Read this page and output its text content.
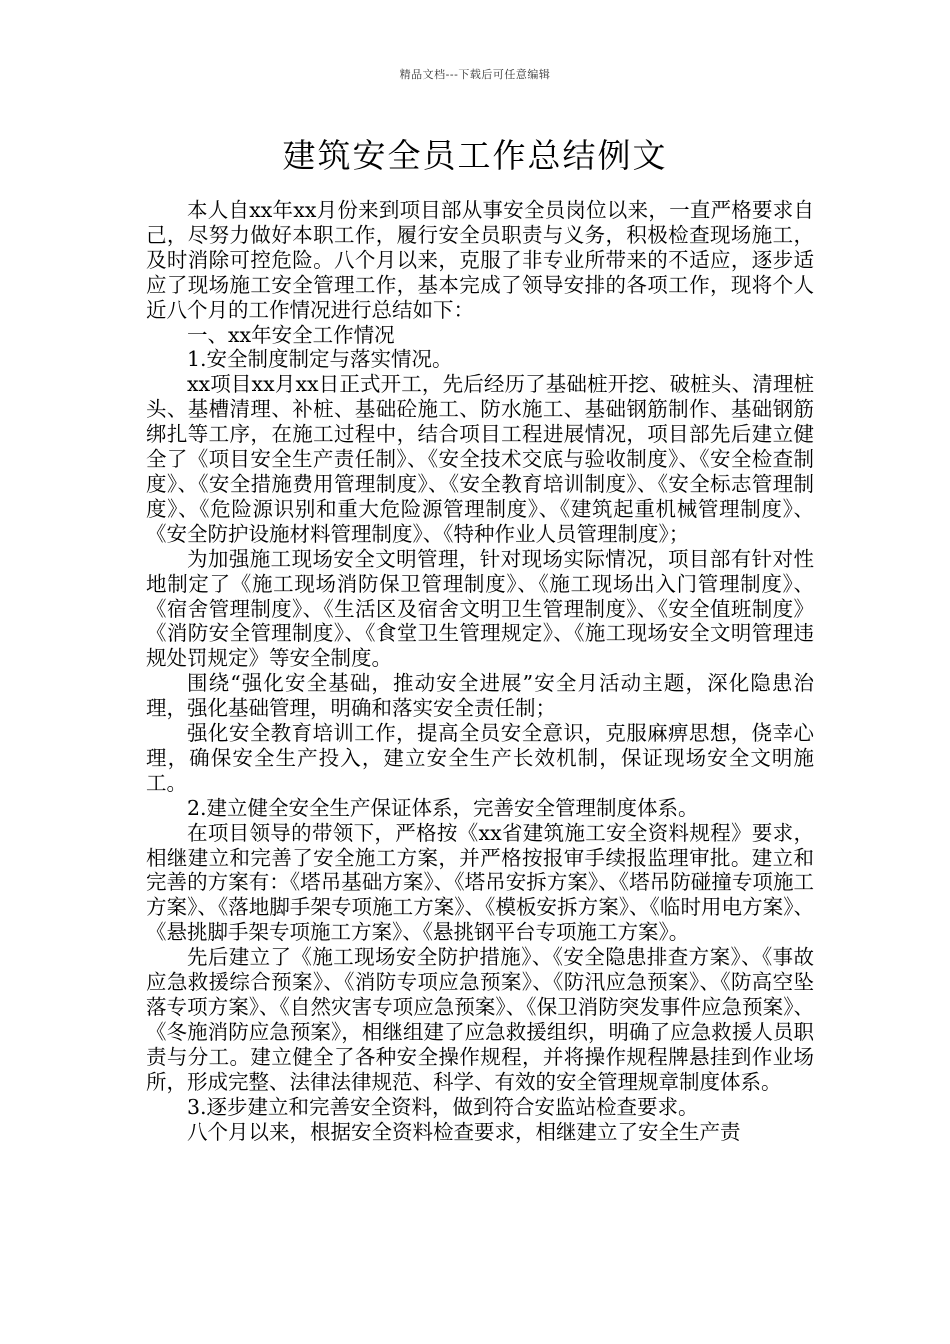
精品文档---下载后可任意编辑
建筑安全员工作总结例文

本人自xx年xx月份来到项目部从事安全员岗位以来，一直严格要求自己，尽努力做好本职工作，履行安全员职责与义务，积极检查现场施工，及时消除可控危险。八个月以来，克服了非专业所带来的不适应，逐步适应了现场施工安全管理工作，基本完成了领导安排的各项工作，现将个人近八个月的工作情况进行总结如下：

一、xx年安全工作情况

1.安全制度制定与落实情况。

xx项目xx月xx日正式开工，先后经历了基础桩开挖、破桩头、清理桩头、基槽清理、补桩、基础砼施工、防水施工、基础钢筋制作、基础钢筋绑扎等工序，在施工过程中，结合项目工程进展情况，项目部先后建立健全了《项目安全生产责任制》、《安全技术交底与验收制度》、《安全检查制度》、《安全措施费用管理制度》、《安全教育培训制度》、《安全标志管理制度》、《危险源识别和重大危险源管理制度》、《建筑起重机械管理制度》、《安全防护设施材料管理制度》、《特种作业人员管理制度》；

为加强施工现场安全文明管理，针对现场实际情况，项目部有针对性地制定了《施工现场消防保卫管理制度》、《施工现场出入门管理制度》、《宿舍管理制度》、《生活区及宿舍文明卫生管理制度》、《安全值班制度》《消防安全管理制度》、《食堂卫生管理规定》、《施工现场安全文明管理违规处罚规定》等安全制度。

围绕“强化安全基础，推动安全进展”安全月活动主题，深化隐患治理，强化基础管理，明确和落实安全责任制；

强化安全教育培训工作，提高全员安全意识，克服麻痹思想，侥幸心理，确保安全生产投入，建立安全生产长效机制，保证现场安全文明施工。

2.建立健全安全生产保证体系，完善安全管理制度体系。

在项目领导的带领下，严格按《xx省建筑施工安全资料规程》要求，相继建立和完善了安全施工方案，并严格按报审手续报监理审批。建立和完善的方案有：《塔吊基础方案》、《塔吊安拆方案》、《塔吊防碰撞专项施工方案》、《落地脚手架专项施工方案》、《模板安拆方案》、《临时用电方案》、《悬挑脚手架专项施工方案》、《悬挑钢平台专项施工方案》。

先后建立了《施工现场安全防护措施》、《安全隐患排查方案》、《事故应急救援综合预案》、《消防专项应急预案》、《防汛应急预案》、《防高空坠落专项方案》、《自然灾害专项应急预案》、《保卫消防突发事件应急预案》、《冬施消防应急预案》，相继组建了应急救援组织，明确了应急救援人员职责与分工。建立健全了各种安全操作规程，并将操作规程牌悬挂到作业场所，形成完整、法律法律规范、科学、有效的安全管理规章制度体系。

3.逐步建立和完善安全资料，做到符合安监站检查要求。

八个月以来，根据安全资料检查要求，相继建立了安全生产责
